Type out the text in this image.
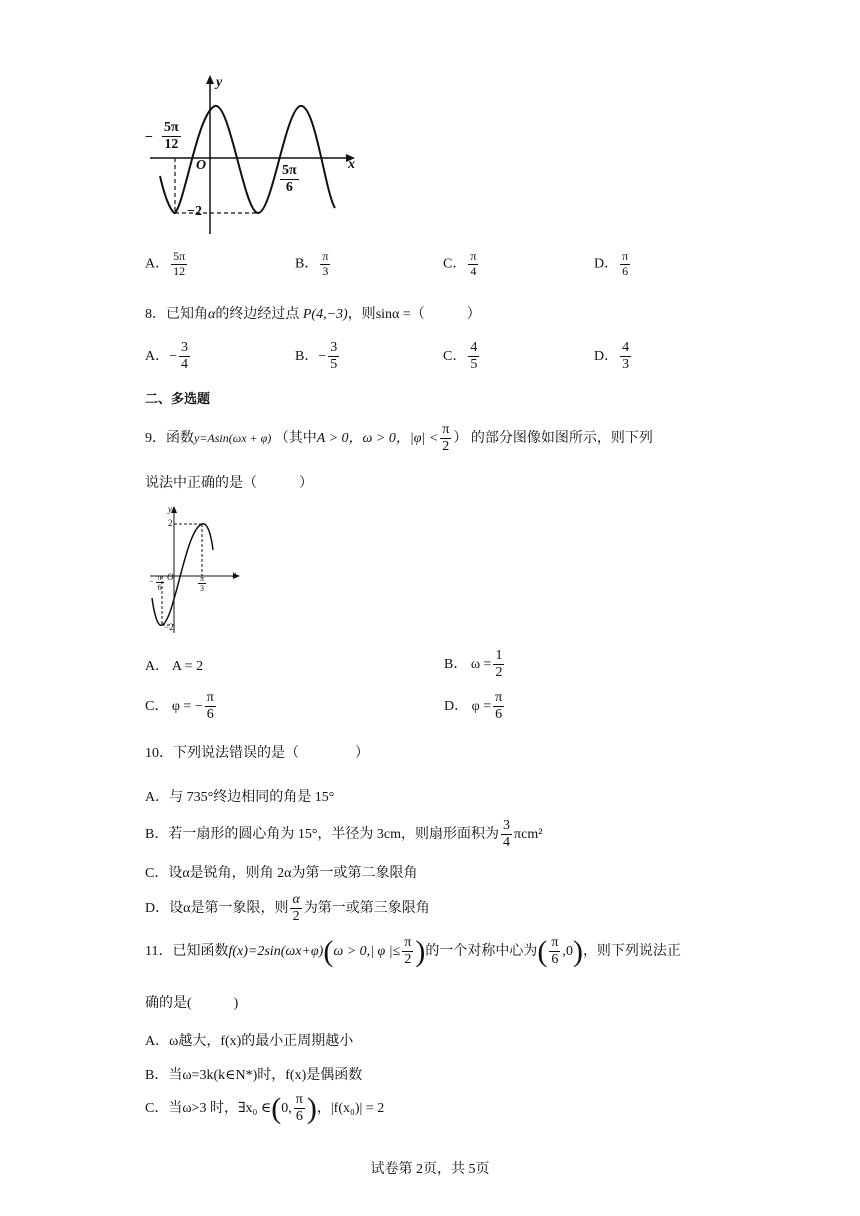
y
x
O
− $\frac{5\pi}{12}$
$\frac{5\pi}{6}$
−2
A． $\frac{5\pi}{12}$	B． $\frac{\pi}{3}$	C． $\frac{\pi}{4}$	D． $\frac{\pi}{6}$
8．已知角α的终边经过点 P(4,−3)，则sinα =（　　　）
A．− $\frac{3}{4}$	B．− $\frac{3}{5}$	C． $\frac{4}{5}$	D． $\frac{4}{3}$
二、多选题
9．函数y=Asin(ωx + φ) （其中A > 0，ω > 0，$|\varphi| < \frac{\pi}{2}$ ） 的部分图像如图所示，则下列
说法中正确的是（　　　）
y
x
O
2
−2
− $\frac{\pi}{6}$	$\frac{\pi}{3}$
A． A = 2	B． $\omega = \frac{1}{2}$
C． φ = − $\frac{\pi}{6}$	D． $\varphi = \frac{\pi}{6}$
10．下列说法错误的是（　　　　）
A．与 735°终边相同的角是 15°
B．若一扇形的圆心角为 15°，半径为 3cm，则扇形面积为 $\frac{3}{4} \pi cm^2$
C．设α是锐角，则角 2α为第一或第二象限角
D．设α是第一象限，则 $\frac{\alpha}{2}$ 为第一或第三象限角
11．已知函数f(x)=2sin(ωx+φ)(ω > 0,| φ |≤ $\frac{\pi}{2}$ )的一个对称中心为( $\frac{\pi}{6} ,0$)，则下列说法正
确的是(　　　)
A．ω越大，f(x)的最小正周期越小
B．当ω=3k(k∈N*)时，f(x)是偶函数
C．当ω>3 时，∃x₀ ∈(0, $\frac{\pi}{6}$ )，|f(x₀)| = 2
试卷第 2页，共 5页
